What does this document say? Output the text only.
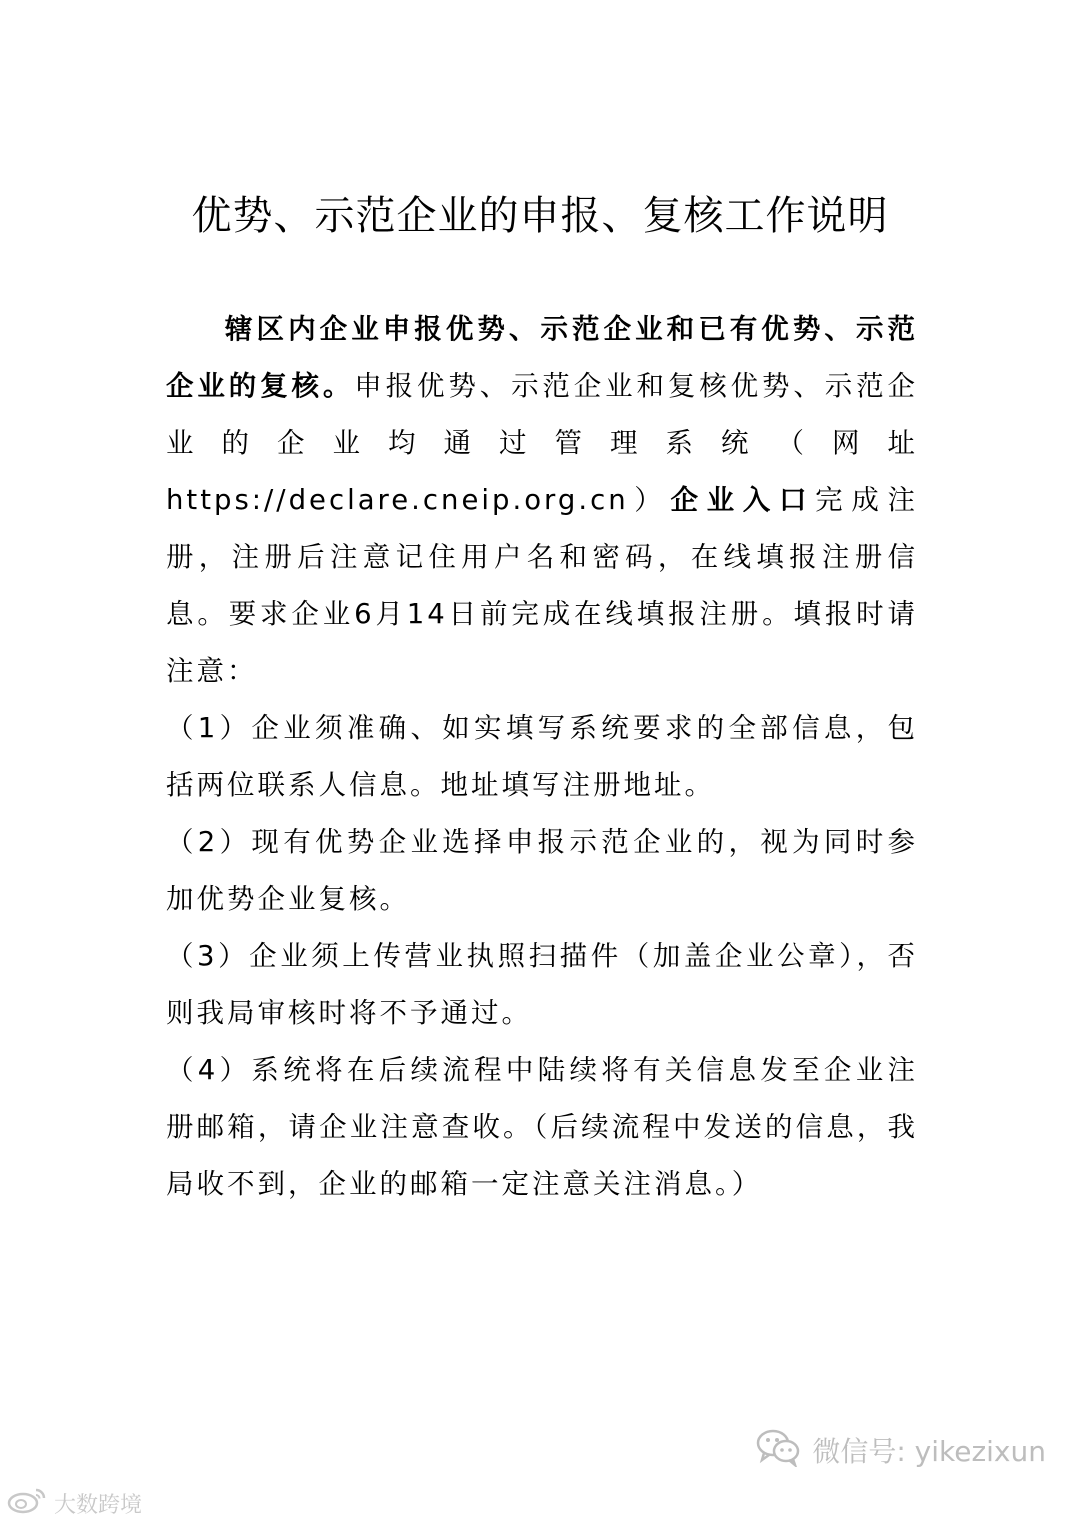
优势、示范企业的申报、复核工作说明

辖区内企业申报优势、示范企业和已有优势、示范企业的复核。申报优势、示范企业和复核优势、示范企业的企业均通过管理系统（网址 https://declare.cneip.org.cn）企业入口完成注册，注册后注意记住用户名和密码，在线填报注册信息。要求企业6月14日前完成在线填报注册。填报时请注意：

（1）企业须准确、如实填写系统要求的全部信息，包括两位联系人信息。地址填写注册地址。

（2）现有优势企业选择申报示范企业的，视为同时参加优势企业复核。

（3）企业须上传营业执照扫描件（加盖企业公章），否则我局审核时将不予通过。

（4）系统将在后续流程中陆续将有关信息发至企业注册邮箱，请企业注意查收。（后续流程中发送的信息，我局收不到，企业的邮箱一定注意关注消息。）

微信号: yikezixun
大数跨境
